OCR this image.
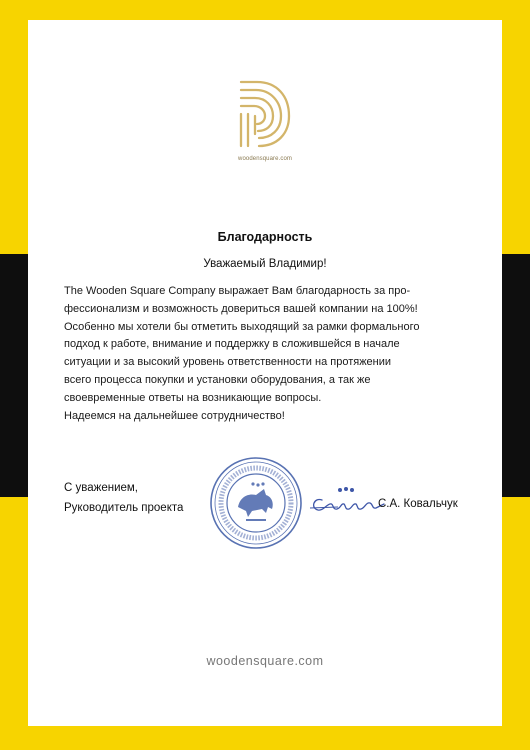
woodensquare.com
Благодарность
Уважаемый Владимир!
The Wooden Square Company выражает Вам благодарность за про-
фессионализм и возможность довериться вашей компании на 100%!
Особенно мы хотели бы отметить выходящий за рамки формального
подход к работе, внимание и поддержку в сложившейся в начале
ситуации и за высокий уровень ответственности на протяжении
всего процесса покупки и установки оборудования, а так же
своевременные ответы на возникающие вопросы.
Надеемся на дальнейшее сотрудничество!
С уважением,
Руководитель проекта	С.А. Ковальчук
woodensquare.com
